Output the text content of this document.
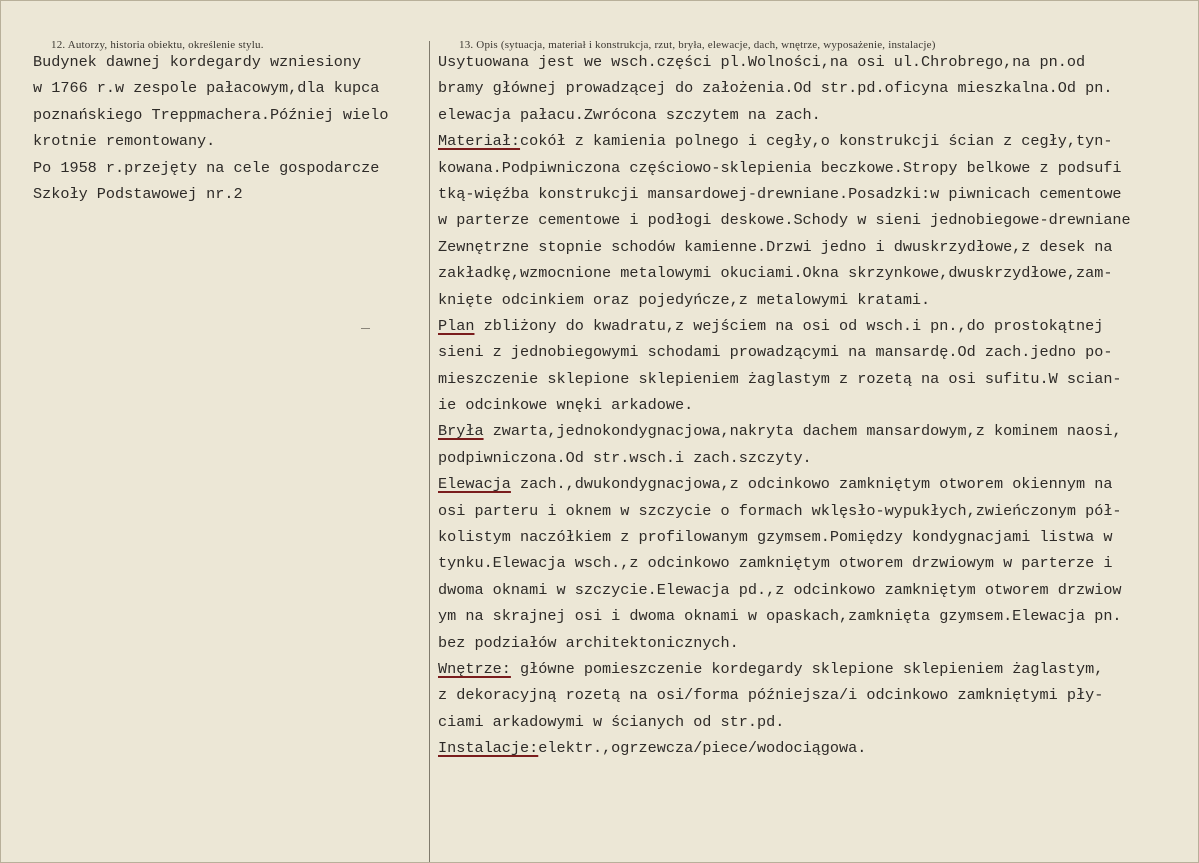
12. Autorzy, historia obiektu, określenie stylu.	13. Opis (sytuacja, materiał i konstrukcja, rzut, bryła, elewacje, dach, wnętrze, wyposażenie, instalacje)
Budynek dawnej kordegardy wzniesiony
w 1766 r.w zespole pałacowym,dla kupca
poznańskiego Treppmachera.Później wielo
krotnie remontowany.
Po 1958 r.przejęty na cele gospodarcze
Szkoły Podstawowej nr.2
Usytuowana jest we wsch.części pl.Wolności,na osi ul.Chrobrego,na pn.od
bramy głównej prowadzącej do założenia.Od str.pd.oficyna mieszkalna.Od pn.
elewacja pałacu.Zwrócona szczytem na zach.
Materiał:cokół z kamienia polnego i cegły,o konstrukcji ścian z cegły,tyn-
kowana.Podpiwniczona częściowo-sklepienia beczkowe.Stropy belkowe z podsufi
tką-więźba konstrukcji mansardowej-drewniane.Posadzki:w piwnicach cementowe
w parterze cementowe i podłogi deskowe.Schody w sieni jednobiegowe-drewniane
Zewnętrzne stopnie schodów kamienne.Drzwi jedno i dwuskrzydłowe,z desek na
zakładkę,wzmocnione metalowymi okuciami.Okna skrzynkowe,dwuskrzydłowe,zam-
knięte odcinkiem oraz pojedyńcze,z metalowymi kratami.
Plan zbliżony do kwadratu,z wejściem na osi od wsch.i pn.,do prostokątnej
sieni z jednobiegowymi schodami prowadzącymi na mansardę.Od zach.jedno po-
mieszczenie sklepione sklepieniem żaglastym z rozetą na osi sufitu.W scian-
ie odcinkowe wnęki arkadowe.
Bryła zwarta,jednokondygnacjowa,nakryta dachem mansardowym,z kominem naosi,
podpiwniczona.Od str.wsch.i zach.szczyty.
Elewacja zach.,dwukondygnacjowa,z odcinkowo zamkniętym otworem okiennym na
osi parteru i oknem w szczycie o formach wklęsło-wypukłych,zwieńczonym pół-
kolistym naczółkiem z profilowanym gzymsem.Pomiędzy kondygnacjami listwa w
tynku.Elewacja wsch.,z odcinkowo zamkniętym otworem drzwiowym w parterze i
dwoma oknami w szczycie.Elewacja pd.,z odcinkowo zamkniętym otworem drzwiow
ym na skrajnej osi i dwoma oknami w opaskach,zamknięta gzymsem.Elewacja pn.
bez podziałów architektonicznych.
Wnętrze: główne pomieszczenie kordegardy sklepione sklepieniem żaglastym,
z dekoracyjną rozetą na osi/forma późniejsza/i odcinkowo zamkniętymi pły-
ciami arkadowymi w ścianych od str.pd.
Instalacje:elektr.,ogrzewcza/piece/wodociągowa.
